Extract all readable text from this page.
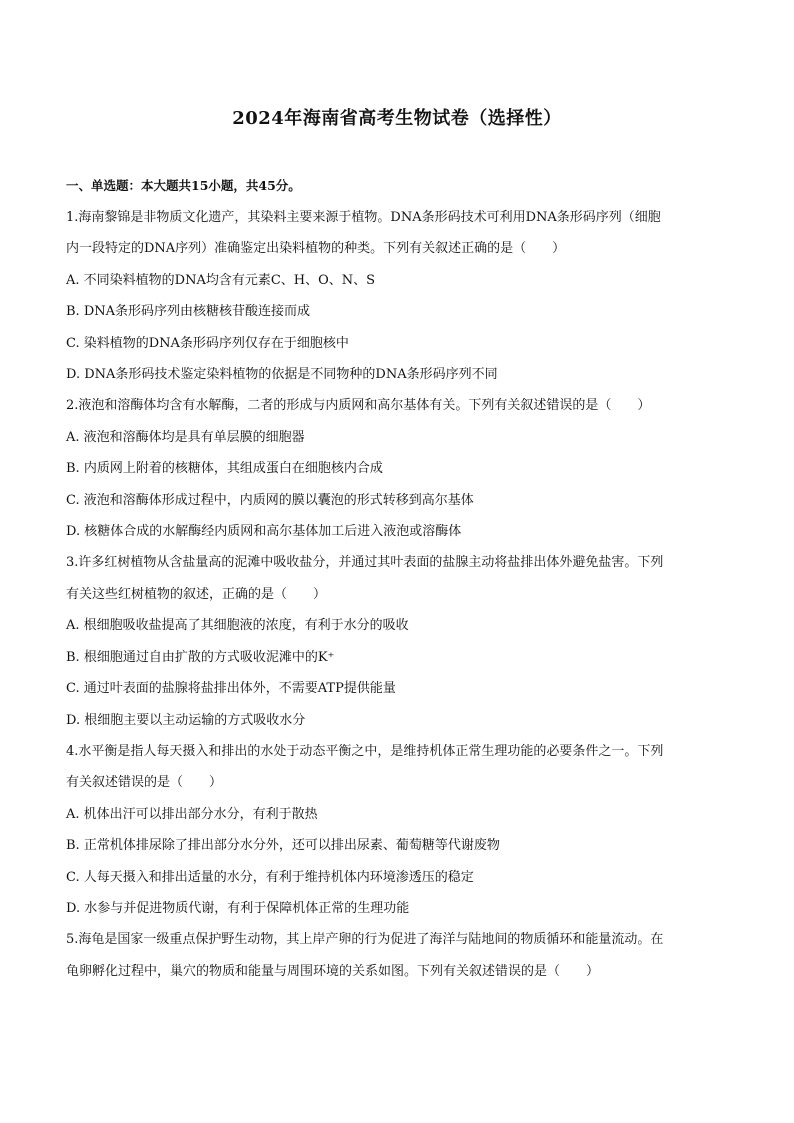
2024年海南省高考生物试卷（选择性）
一、单选题：本大题共15小题，共45分。
1.海南黎锦是非物质文化遗产，其染料主要来源于植物。DNA条形码技术可利用DNA条形码序列（细胞
内一段特定的DNA序列）准确鉴定出染料植物的种类。下列有关叙述正确的是（　　）
A. 不同染料植物的DNA均含有元素C、H、O、N、S
B. DNA条形码序列由核糖核苷酸连接而成
C. 染料植物的DNA条形码序列仅存在于细胞核中
D. DNA条形码技术鉴定染料植物的依据是不同物种的DNA条形码序列不同
2.液泡和溶酶体均含有水解酶，二者的形成与内质网和高尔基体有关。下列有关叙述错误的是（　　）
A. 液泡和溶酶体均是具有单层膜的细胞器
B. 内质网上附着的核糖体，其组成蛋白在细胞核内合成
C. 液泡和溶酶体形成过程中，内质网的膜以囊泡的形式转移到高尔基体
D. 核糖体合成的水解酶经内质网和高尔基体加工后进入液泡或溶酶体
3.许多红树植物从含盐量高的泥滩中吸收盐分，并通过其叶表面的盐腺主动将盐排出体外避免盐害。下列
有关这些红树植物的叙述，正确的是（　　）
A. 根细胞吸收盐提高了其细胞液的浓度，有利于水分的吸收
B. 根细胞通过自由扩散的方式吸收泥滩中的K⁺
C. 通过叶表面的盐腺将盐排出体外，不需要ATP提供能量
D. 根细胞主要以主动运输的方式吸收水分
4.水平衡是指人每天摄入和排出的水处于动态平衡之中，是维持机体正常生理功能的必要条件之一。下列
有关叙述错误的是（　　）
A. 机体出汗可以排出部分水分，有利于散热
B. 正常机体排尿除了排出部分水分外，还可以排出尿素、葡萄糖等代谢废物
C. 人每天摄入和排出适量的水分，有利于维持机体内环境渗透压的稳定
D. 水参与并促进物质代谢，有利于保障机体正常的生理功能
5.海龟是国家一级重点保护野生动物，其上岸产卵的行为促进了海洋与陆地间的物质循环和能量流动。在
龟卵孵化过程中，巢穴的物质和能量与周围环境的关系如图。下列有关叙述错误的是（　　）
